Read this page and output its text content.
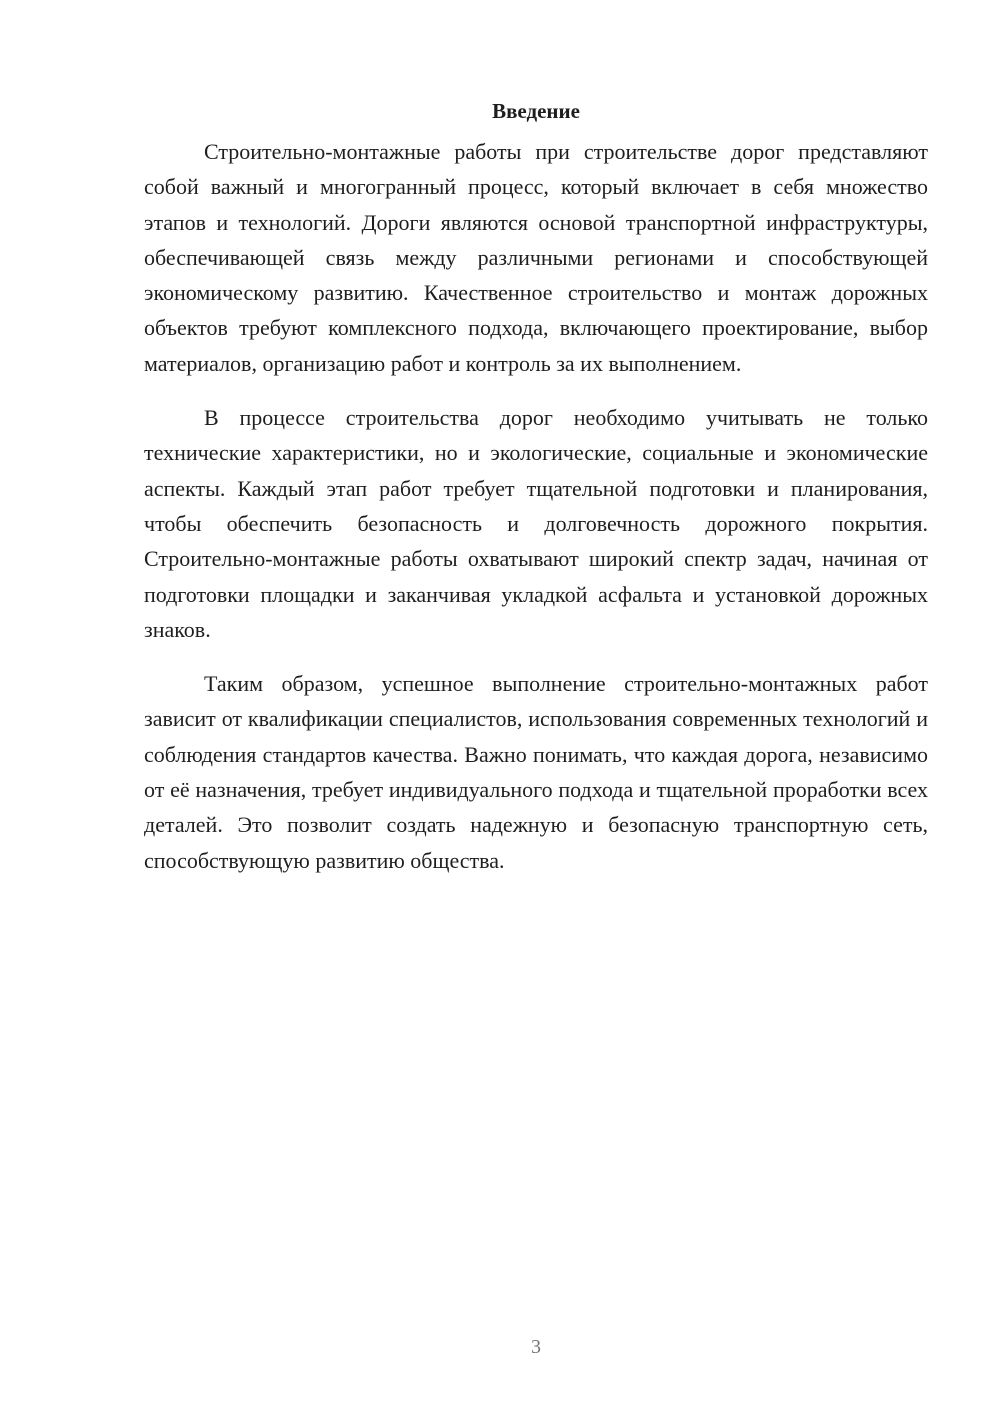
Введение

Строительно-монтажные работы при строительстве дорог представляют собой важный и многогранный процесс, который включает в себя множество этапов и технологий. Дороги являются основой транспортной инфраструктуры, обеспечивающей связь между различными регионами и способствующей экономическому развитию. Качественное строительство и монтаж дорожных объектов требуют комплексного подхода, включающего проектирование, выбор материалов, организацию работ и контроль за их выполнением.

В процессе строительства дорог необходимо учитывать не только технические характеристики, но и экологические, социальные и экономические аспекты. Каждый этап работ требует тщательной подготовки и планирования, чтобы обеспечить безопасность и долговечность дорожного покрытия. Строительно-монтажные работы охватывают широкий спектр задач, начиная от подготовки площадки и заканчивая укладкой асфальта и установкой дорожных знаков.

Таким образом, успешное выполнение строительно-монтажных работ зависит от квалификации специалистов, использования современных технологий и соблюдения стандартов качества. Важно понимать, что каждая дорога, независимо от её назначения, требует индивидуального подхода и тщательной проработки всех деталей. Это позволит создать надежную и безопасную транспортную сеть, способствующую развитию общества.

3
